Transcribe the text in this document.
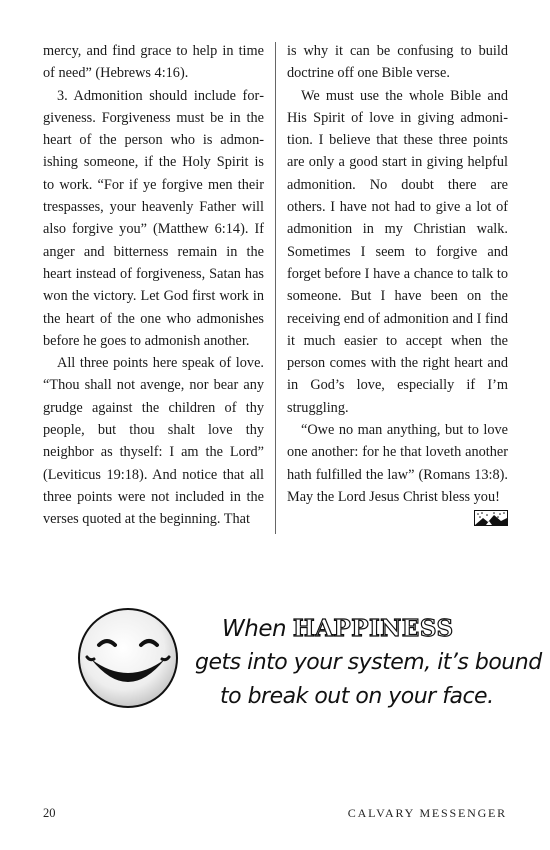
mercy, and find grace to help in time of need” (Hebrews 4:16).

3. Admonition should include forgiveness. Forgiveness must be in the heart of the person who is admonishing someone, if the Holy Spirit is to work. “For if ye forgive men their trespasses, your heavenly Father will also forgive you” (Matthew 6:14). If anger and bitterness remain in the heart instead of forgiveness, Satan has won the victory. Let God first work in the heart of the one who admonishes before he goes to admonish another.

All three points here speak of love. “Thou shall not avenge, nor bear any grudge against the children of thy people, but thou shalt love thy neighbor as thyself: I am the Lord” (Leviticus 19:18). And notice that all three points were not included in the verses quoted at the beginning. That

is why it can be confusing to build doctrine off one Bible verse.

We must use the whole Bible and His Spirit of love in giving admonition. I believe that these three points are only a good start in giving helpful admonition. No doubt there are others. I have not had to give a lot of admonition in my Christian walk. Sometimes I seem to forgive and forget before I have a chance to talk to someone. But I have been on the receiving end of admonition and I find it much easier to accept when the person comes with the right heart and in God’s love, especially if I’m struggling.

“Owe no man anything, but to love one another: for he that loveth another hath fulfilled the law” (Romans 13:8). May the Lord Jesus Christ bless you!

When HAPPINESS
gets into your system, it’s bound
to break out on your face.
20	CALVARY MESSENGER
